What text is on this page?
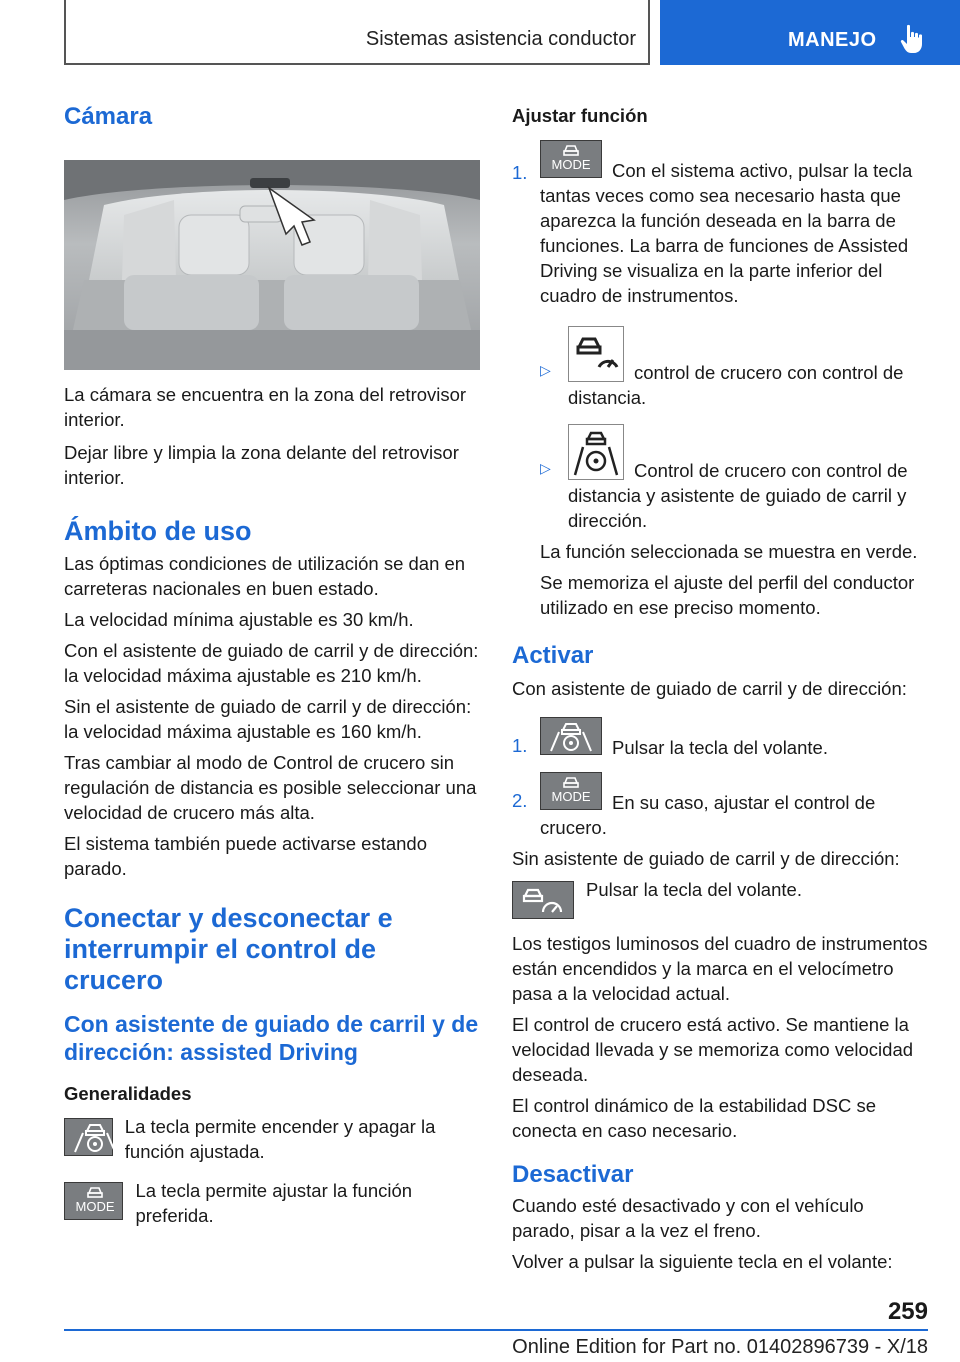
Sistemas asistencia conductor	MANEJO
Cámara

La cámara se encuentra en la zona del retrovisor interior.

Dejar libre y limpia la zona delante del retrovisor interior.

Ámbito de uso

Las óptimas condiciones de utilización se dan en carreteras nacionales en buen estado.

La velocidad mínima ajustable es 30 km/h.

Con el asistente de guiado de carril y de dirección: la velocidad máxima ajustable es 210 km/h.

Sin el asistente de guiado de carril y de dirección: la velocidad máxima ajustable es 160 km/h.

Tras cambiar al modo de Control de crucero sin regulación de distancia es posible seleccionar una velocidad de crucero más alta.

El sistema también puede activarse estando parado.

Conectar y desconectar e interrumpir el control de crucero
Con asistente de guiado de carril y de dirección: assisted Driving
Generalidades

La tecla permite encender y apagar la función ajustada.

MODE

La tecla permite ajustar la función preferida.

Ajustar función
1.	MODE	Con el sistema activo, pulsar la tecla tantas veces como sea necesario hasta que aparezca la función deseada en la barra de funciones. La barra de funciones de Assisted Driving se visualiza en la parte inferior del cuadro de instrumentos.

▷	control de crucero con control de distancia.

▷	Control de crucero con control de distancia y asistente de guiado de carril y dirección.

La función seleccionada se muestra en verde.

Se memoriza el ajuste del perfil del conductor utilizado en ese preciso momento.

Activar

Con asistente de guiado de carril y de dirección:

1.	Pulsar la tecla del volante.

2.	MODE	En su caso, ajustar el control de crucero.

Sin asistente de guiado de carril y de dirección:

Pulsar la tecla del volante.

Los testigos luminosos del cuadro de instrumentos están encendidos y la marca en el velocímetro pasa a la velocidad actual.

El control de crucero está activo. Se mantiene la velocidad llevada y se memoriza como velocidad deseada.

El control dinámico de la estabilidad DSC se conecta en caso necesario.

Desactivar

Cuando esté desactivado y con el vehículo parado, pisar a la vez el freno.

Volver a pulsar la siguiente tecla en el volante:

259
Online Edition for Part no. 01402896739 - X/18
